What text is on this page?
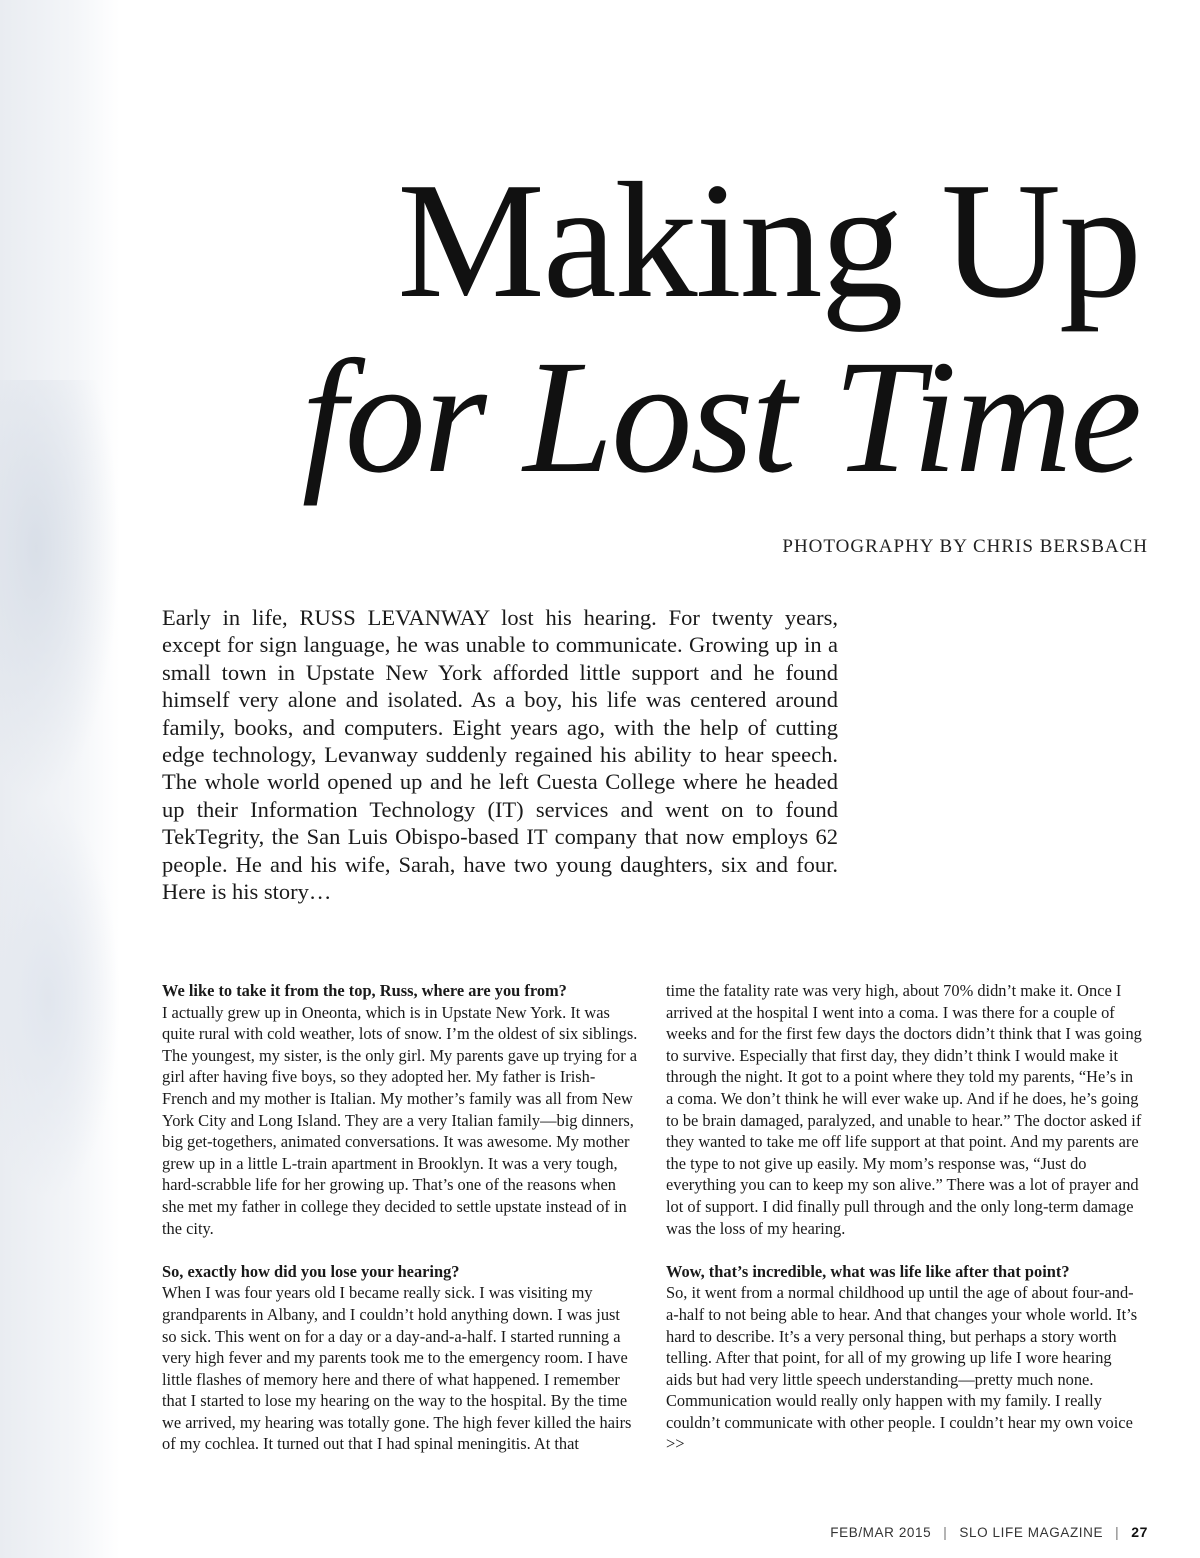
Making Up
for Lost Time
PHOTOGRAPHY BY CHRIS BERSBACH
Early in life, RUSS LEVANWAY lost his hearing. For twenty years, except for sign language, he was unable to communicate. Growing up in a small town in Upstate New York afforded little support and he found himself very alone and isolated. As a boy, his life was centered around family, books, and computers. Eight years ago, with the help of cutting edge technology, Levanway suddenly regained his ability to hear speech. The whole world opened up and he left Cuesta College where he headed up their Information Technology (IT) services and went on to found TekTegrity, the San Luis Obispo-based IT company that now employs 62 people. He and his wife, Sarah, have two young daughters, six and four. Here is his story…
We like to take it from the top, Russ, where are you from?
I actually grew up in Oneonta, which is in Upstate New York. It was quite rural with cold weather, lots of snow. I’m the oldest of six siblings. The youngest, my sister, is the only girl. My parents gave up trying for a girl after having five boys, so they adopted her. My father is Irish-French and my mother is Italian. My mother’s family was all from New York City and Long Island. They are a very Italian family—big dinners, big get-togethers, animated conversations. It was awesome. My mother grew up in a little L-train apartment in Brooklyn. It was a very tough, hard-scrabble life for her growing up. That’s one of the reasons when she met my father in college they decided to settle upstate instead of in the city.
So, exactly how did you lose your hearing?
When I was four years old I became really sick. I was visiting my grandparents in Albany, and I couldn’t hold anything down. I was just so sick. This went on for a day or a day-and-a-half. I started running a very high fever and my parents took me to the emergency room. I have little flashes of memory here and there of what happened. I remember that I started to lose my hearing on the way to the hospital. By the time we arrived, my hearing was totally gone. The high fever killed the hairs of my cochlea. It turned out that I had spinal meningitis. At that
time the fatality rate was very high, about 70% didn’t make it. Once I arrived at the hospital I went into a coma. I was there for a couple of weeks and for the first few days the doctors didn’t think that I was going to survive. Especially that first day, they didn’t think I would make it through the night. It got to a point where they told my parents, “He’s in a coma. We don’t think he will ever wake up. And if he does, he’s going to be brain damaged, paralyzed, and unable to hear.” The doctor asked if they wanted to take me off life support at that point. And my parents are the type to not give up easily. My mom’s response was, “Just do everything you can to keep my son alive.” There was a lot of prayer and lot of support. I did finally pull through and the only long-term damage was the loss of my hearing.
Wow, that’s incredible, what was life like after that point?
So, it went from a normal childhood up until the age of about four-and-a-half to not being able to hear. And that changes your whole world. It’s hard to describe. It’s a very personal thing, but perhaps a story worth telling. After that point, for all of my growing up life I wore hearing aids but had very little speech understanding—pretty much none. Communication would really only happen with my family. I really couldn’t communicate with other people. I couldn’t hear my own voice >>
FEB/MAR 2015 | SLO LIFE MAGAZINE | 27
